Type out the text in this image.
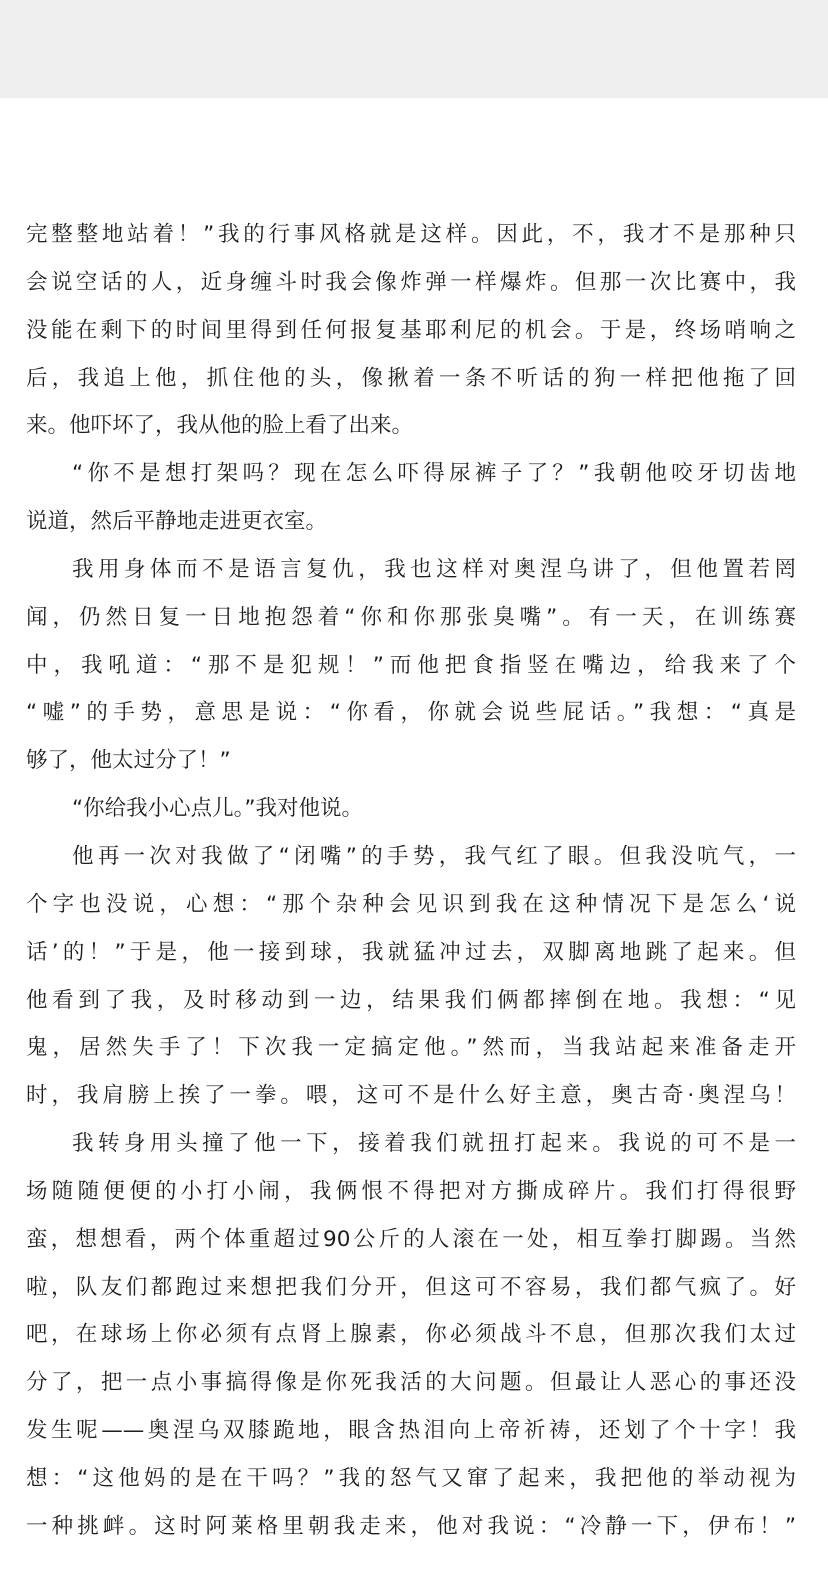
完整整地站着！”我的行事风格就是这样。因此，不，我才不是那种只
会说空话的人，近身缠斗时我会像炸弹一样爆炸。但那一次比赛中，我
没能在剩下的时间里得到任何报复基耶利尼的机会。于是，终场哨响之
后，我追上他，抓住他的头，像揪着一条不听话的狗一样把他拖了回
来。他吓坏了，我从他的脸上看了出来。
“你不是想打架吗？现在怎么吓得尿裤子了？”我朝他咬牙切齿地
说道，然后平静地走进更衣室。
我用身体而不是语言复仇，我也这样对奥涅乌讲了，但他置若罔
闻，仍然日复一日地抱怨着“你和你那张臭嘴”。有一天，在训练赛
中，我吼道：“那不是犯规！”而他把食指竖在嘴边，给我来了个
“嘘”的手势，意思是说：“你看，你就会说些屁话。”我想：“真是
够了，他太过分了！”
“你给我小心点儿。”我对他说。
他再一次对我做了“闭嘴”的手势，我气红了眼。但我没吭气，一
个字也没说，心想：“那个杂种会见识到我在这种情况下是怎么‘说
话’的！”于是，他一接到球，我就猛冲过去，双脚离地跳了起来。但
他看到了我，及时移动到一边，结果我们俩都摔倒在地。我想：“见
鬼，居然失手了！下次我一定搞定他。”然而，当我站起来准备走开
时，我肩膀上挨了一拳。喂，这可不是什么好主意，奥古奇·奥涅乌！
我转身用头撞了他一下，接着我们就扭打起来。我说的可不是一
场随随便便的小打小闹，我俩恨不得把对方撕成碎片。我们打得很野
蛮，想想看，两个体重超过90公斤的人滚在一处，相互拳打脚踢。当然
啦，队友们都跑过来想把我们分开，但这可不容易，我们都气疯了。好
吧，在球场上你必须有点肾上腺素，你必须战斗不息，但那次我们太过
分了，把一点小事搞得像是你死我活的大问题。但最让人恶心的事还没
发生呢——奥涅乌双膝跪地，眼含热泪向上帝祈祷，还划了个十字！我
想：“这他妈的是在干吗？”我的怒气又窜了起来，我把他的举动视为
一种挑衅。这时阿莱格里朝我走来，他对我说：“冷静一下，伊布！”
